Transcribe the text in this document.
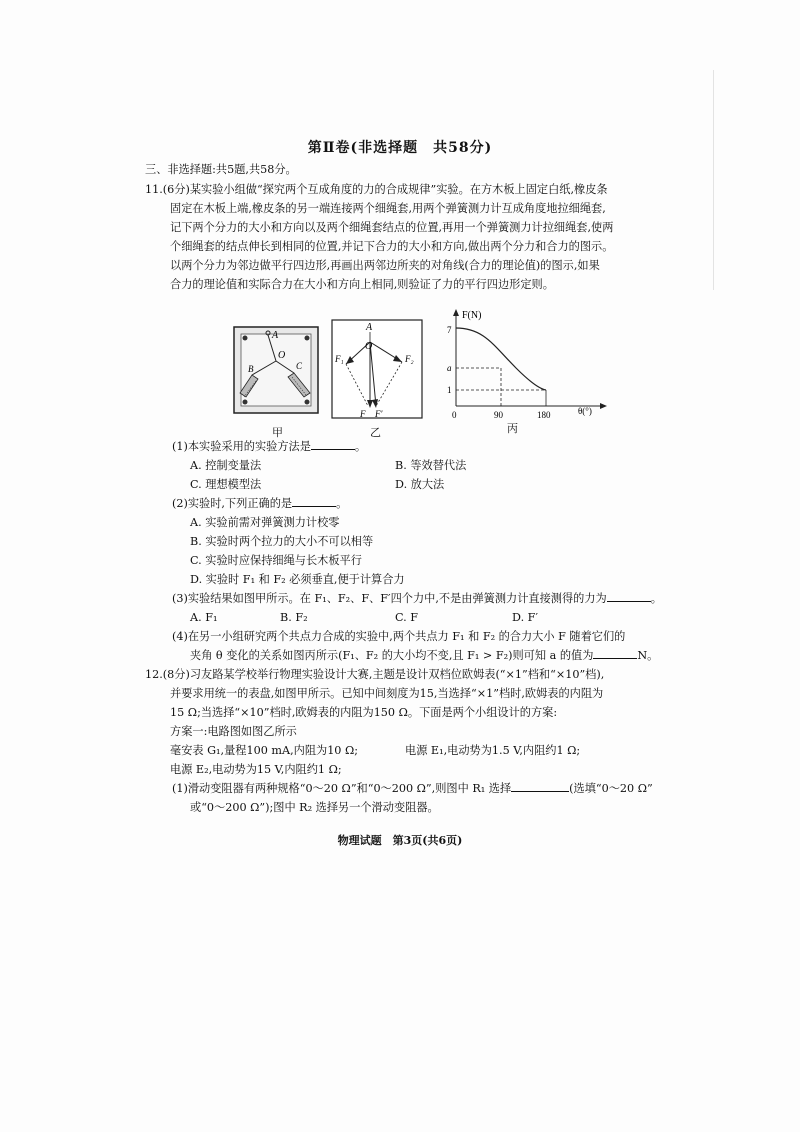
第Ⅱ卷(非选择题　共58分)
三、非选择题:共5题,共58分。
11.(6分)某实验小组做“探究两个互成角度的力的合成规律”实验。在方木板上固定白纸,橡皮条
固定在木板上端,橡皮条的另一端连接两个细绳套,用两个弹簧测力计互成角度地拉细绳套,
记下两个分力的大小和方向以及两个细绳套结点的位置,再用一个弹簧测力计拉细绳套,使两
个细绳套的结点伸长到相同的位置,并记下合力的大小和方向,做出两个分力和合力的图示。
以两个分力为邻边做平行四边形,再画出两邻边所夹的对角线(合力的理论值)的图示,如果
合力的理论值和实际合力在大小和方向上相同,则验证了力的平行四边形定则。
A
O
B	C
甲
A
O
F₁	F₂
F F′
乙
F(N)
7
a
1
0	90	180	θ(°)
丙
(1)本实验采用的实验方法是	。
A. 控制变量法	B. 等效替代法
C. 理想模型法	D. 放大法
(2)实验时,下列正确的是	。
A. 实验前需对弹簧测力计校零
B. 实验时两个拉力的大小不可以相等
C. 实验时应保持细绳与长木板平行
D. 实验时 F₁ 和 F₂ 必须垂直,便于计算合力
(3)实验结果如图甲所示。在 F₁、F₂、F、F′四个力中,不是由弹簧测力计直接测得的力为	。
A. F₁	B. F₂	C. F	D. F′
(4)在另一小组研究两个共点力合成的实验中,两个共点力 F₁ 和 F₂ 的合力大小 F 随着它们的
夹角 θ 变化的关系如图丙所示(F₁、F₂ 的大小均不变,且 F₁ > F₂)则可知 a 的值为	N。
12.(8分)习友路某学校举行物理实验设计大赛,主题是设计双档位欧姆表(“×1”档和“×10”档),
并要求用统一的表盘,如图甲所示。已知中间刻度为15,当选择“×1”档时,欧姆表的内阻为
15 Ω;当选择“×10”档时,欧姆表的内阻为150 Ω。下面是两个小组设计的方案:
方案一:电路图如图乙所示
毫安表 G₁,量程100 mA,内阻为10 Ω;	电源 E₁,电动势为1.5 V,内阻约1 Ω;
电源 E₂,电动势为15 V,内阻约1 Ω;
(1)滑动变阻器有两种规格“0～20 Ω”和“0～200 Ω”,则图中 R₁ 选择	(选填“0～20 Ω”
或“0～200 Ω”);图中 R₂ 选择另一个滑动变阻器。
物理试题　第3页(共6页)
